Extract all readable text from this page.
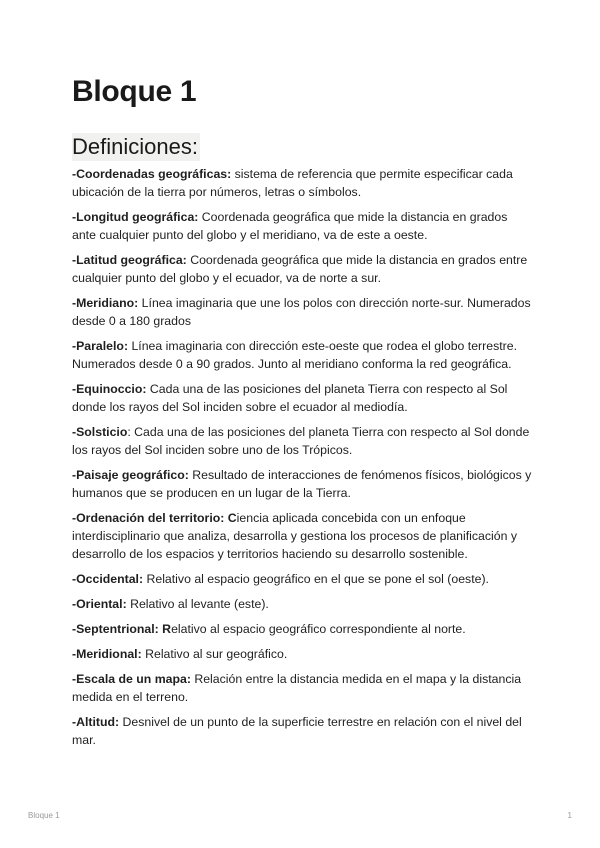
Bloque 1
Definiciones:

-Coordenadas geográficas: sistema de referencia que permite especificar cada ubicación de la tierra por números, letras o símbolos.

-Longitud geográfica: Coordenada geográfica que mide la distancia en grados ante cualquier punto del globo y el meridiano, va de este a oeste.

-Latitud geográfica: Coordenada geográfica que mide la distancia en grados entre cualquier punto del globo y el ecuador, va de norte a sur.

-Meridiano: Línea imaginaria que une los polos con dirección norte-sur. Numerados desde 0 a 180 grados

-Paralelo: Línea imaginaria con dirección este-oeste que rodea el globo terrestre. Numerados desde 0 a 90 grados. Junto al meridiano conforma la red geográfica.

-Equinoccio: Cada una de las posiciones del planeta Tierra con respecto al Sol donde los rayos del Sol inciden sobre el ecuador al mediodía.

-Solsticio: Cada una de las posiciones del planeta Tierra con respecto al Sol donde los rayos del Sol inciden sobre uno de los Trópicos.

-Paisaje geográfico: Resultado de interacciones de fenómenos físicos, biológicos y humanos que se producen en un lugar de la Tierra.

-Ordenación del territorio: Ciencia aplicada concebida con un enfoque interdisciplinario que analiza, desarrolla y gestiona los procesos de planificación y desarrollo de los espacios y territorios haciendo su desarrollo sostenible.

-Occidental: Relativo al espacio geográfico en el que se pone el sol (oeste).

-Oriental: Relativo al levante (este).

-Septentrional: Relativo al espacio geográfico correspondiente al norte.

-Meridional: Relativo al sur geográfico.

-Escala de un mapa: Relación entre la distancia medida en el mapa y la distancia medida en el terreno.

-Altitud: Desnivel de un punto de la superficie terrestre en relación con el nivel del mar.

Bloque 1	1
